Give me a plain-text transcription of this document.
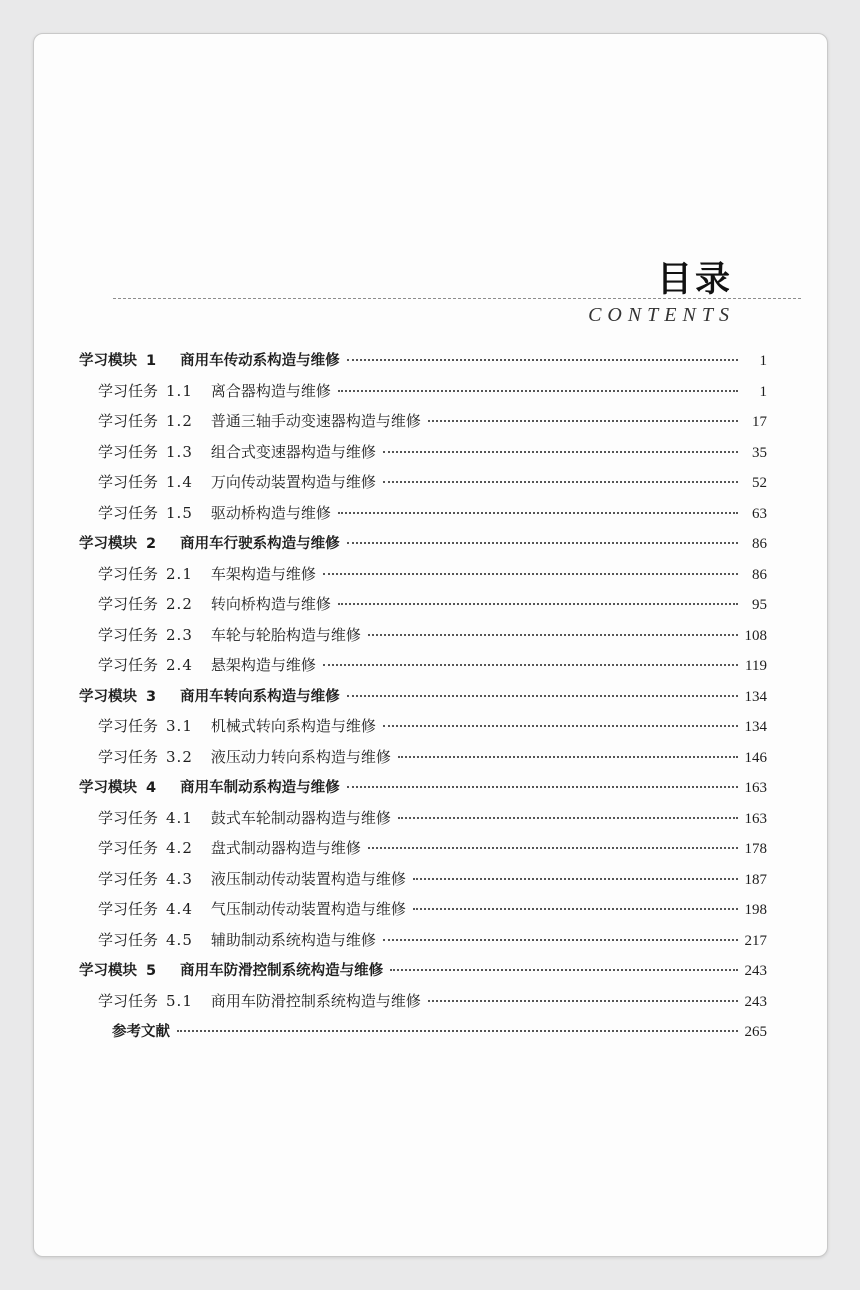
目录
CONTENTS
学习模块 1 商用车传动系构造与维修	1
学习任务 1.1 离合器构造与维修	1
学习任务 1.2 普通三轴手动变速器构造与维修	17
学习任务 1.3 组合式变速器构造与维修	35
学习任务 1.4 万向传动装置构造与维修	52
学习任务 1.5 驱动桥构造与维修	63
学习模块 2 商用车行驶系构造与维修	86
学习任务 2.1 车架构造与维修	86
学习任务 2.2 转向桥构造与维修	95
学习任务 2.3 车轮与轮胎构造与维修	108
学习任务 2.4 悬架构造与维修	119
学习模块 3 商用车转向系构造与维修	134
学习任务 3.1 机械式转向系构造与维修	134
学习任务 3.2 液压动力转向系构造与维修	146
学习模块 4 商用车制动系构造与维修	163
学习任务 4.1 鼓式车轮制动器构造与维修	163
学习任务 4.2 盘式制动器构造与维修	178
学习任务 4.3 液压制动传动装置构造与维修	187
学习任务 4.4 气压制动传动装置构造与维修	198
学习任务 4.5 辅助制动系统构造与维修	217
学习模块 5 商用车防滑控制系统构造与维修	243
学习任务 5.1 商用车防滑控制系统构造与维修	243
参考文献	265
